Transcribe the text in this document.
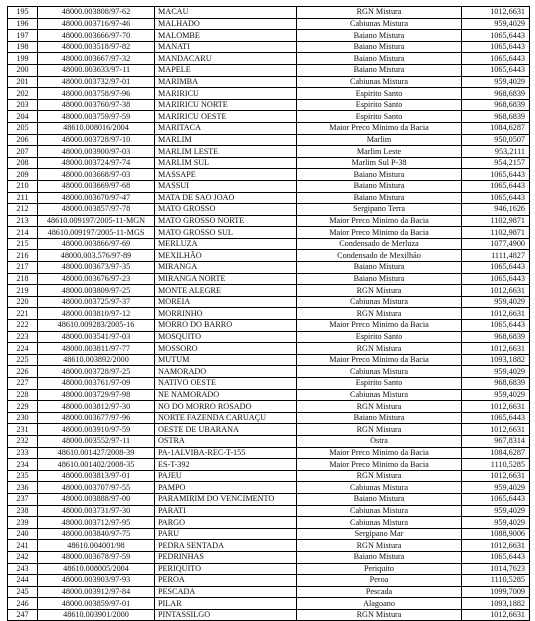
195	48000.003808/97-62	MACAU	RGN Mistura	1012,6631
196	48000.003716/97-46	MALHADO	Cabiunas Mistura	959,4029
197	48000.003666/97-70	MALOMBE	Baiano Mistura	1065,6443
198	48000.003518/97-82	MANATI	Baiano Mistura	1065,6443
199	48000.003667/97-32	MANDACARU	Baiano Mistura	1065,6443
200	48000.003633/97-11	MAPELE	Baiano Mistura	1065,6443
201	48000.003732/97-01	MARIMBA	Cabiunas Mistura	959,4029
202	48000.003758/97-96	MARIRICU	Espirito Santo	968,6839
203	48000.003760/97-38	MARIRICU NORTE	Espirito Santo	968,6839
204	48000.003759/97-59	MARIRICU OESTE	Espirito Santo	968,6839
205	48610.008016/2004	MARITACA	Maior Preco Minimo da Bacia	1084,6287
206	48000.003728/97-10	MARLIM	Marlim	950,0507
207	48000.003900/97-03	MARLIM LESTE	Marlim Leste	953,2111
208	48000.003724/97-74	MARLIM SUL	Marlim Sul P-38	954,2157
209	48000.003668/97-03	MASSAPE	Baiano Mistura	1065,6443
210	48000.003669/97-68	MASSUI	Baiano Mistura	1065,6443
211	48000.003670/97-47	MATA DE SAO JOAO	Baiano Mistura	1065,6443
212	48000.003857/97-78	MATO GROSSO	Sergipano Terra	946,1626
213	48610.009197/2005-11-MGN	MATO GROSSO NORTE	Maior Preco Minimo da Bacia	1102,9871
214	48610.009197/2005-11-MGS	MATO GROSSO SUL	Maior Preco Minimo da Bacia	1102,9871
215	48000.003866/97-69	MERLUZA	Condensado de Merluza	1077,4900
216	48000.003.576/97-89	MEXILHÃO	Condensado de Mexilhão	1111,4827
217	48000.003673/97-35	MIRANGA	Baiano Mistura	1065,6443
218	48000.003676/97-23	MIRANGA NORTE	Baiano Mistura	1065,6443
219	48000.003809/97-25	MONTE ALEGRE	RGN Mistura	1012,6631
220	48000.003725/97-37	MOREIA	Cabiunas Mistura	959,4029
221	48000.003810/97-12	MORRINHO	RGN Mistura	1012,6631
222	48610.009283/2005-16	MORRO DO BARRO	Maior Preco Minimo da Bacia	1065,6443
223	48000.003541/97-03	MOSQUITO	Espirito Santo	968,6839
224	48000.003811/97-77	MOSSORO	RGN Mistura	1012,6631
225	48610.003892/2000	MUTUM	Maior Preco Minimo da Bacia	1093,1882
226	48000.003728/97-25	NAMORADO	Cabiunas Mistura	959,4029
227	48000.003761/97-09	NATIVO OESTE	Espirito Santo	968,6839
228	48000.003729/97-98	NE NAMORADO	Cabiunas Mistura	959,4029
229	48000.003812/97-30	NO DO MORRO ROSADO	RGN Mistura	1012,6631
230	48000.003677/97-96	NORTE FAZENDA CARUAÇU	Baiano Mistura	1065,6443
231	48000.003910/97-59	OESTE DE UBARANA	RGN Mistura	1012,6631
232	48000.003552/97-11	OSTRA	Ostra	967,8314
233	48610.001427/2008-39	PA-1ALVIBA-REC-T-155	Maior Preco Minimo da Bacia	1084,6287
234	48610.001402/2008-35	ES-T-392	Maior Preco Minimo da Bacia	1110,5285
235	48000.003813/97-01	PAJEU	RGN Mistura	1012,6631
236	48000.003707/97-55	PAMPO	Cabiunas Mistura	959,4029
237	48000.003888/97-00	PARAMIRIM DO VENCIMENTO	Baiano Mistura	1065,6443
238	48000.003731/97-30	PARATI	Cabiunas Mistura	959,4029
239	48000.003712/97-95	PARGO	Cabiunas Mistura	959,4029
240	48000.003840/97-75	PARU	Sergipano Mar	1088,9006
241	48610.004001/98	PEDRA SENTADA	RGN Mistura	1012,6631
242	48000.003678/97-59	PEDRINHAS	Baiano Mistura	1065,6443
243	48610.008005/2004	PERIQUITO	Periquito	1014,7623
244	48000.003903/97-93	PEROA	Peroa	1110,5285
245	48000.003912/97-84	PESCADA	Pescada	1099,7009
246	48000.003859/97-01	PILAR	Alagoano	1093,1882
247	48610.003901/2000	PINTASSILGO	RGN Mistura	1012,6631
